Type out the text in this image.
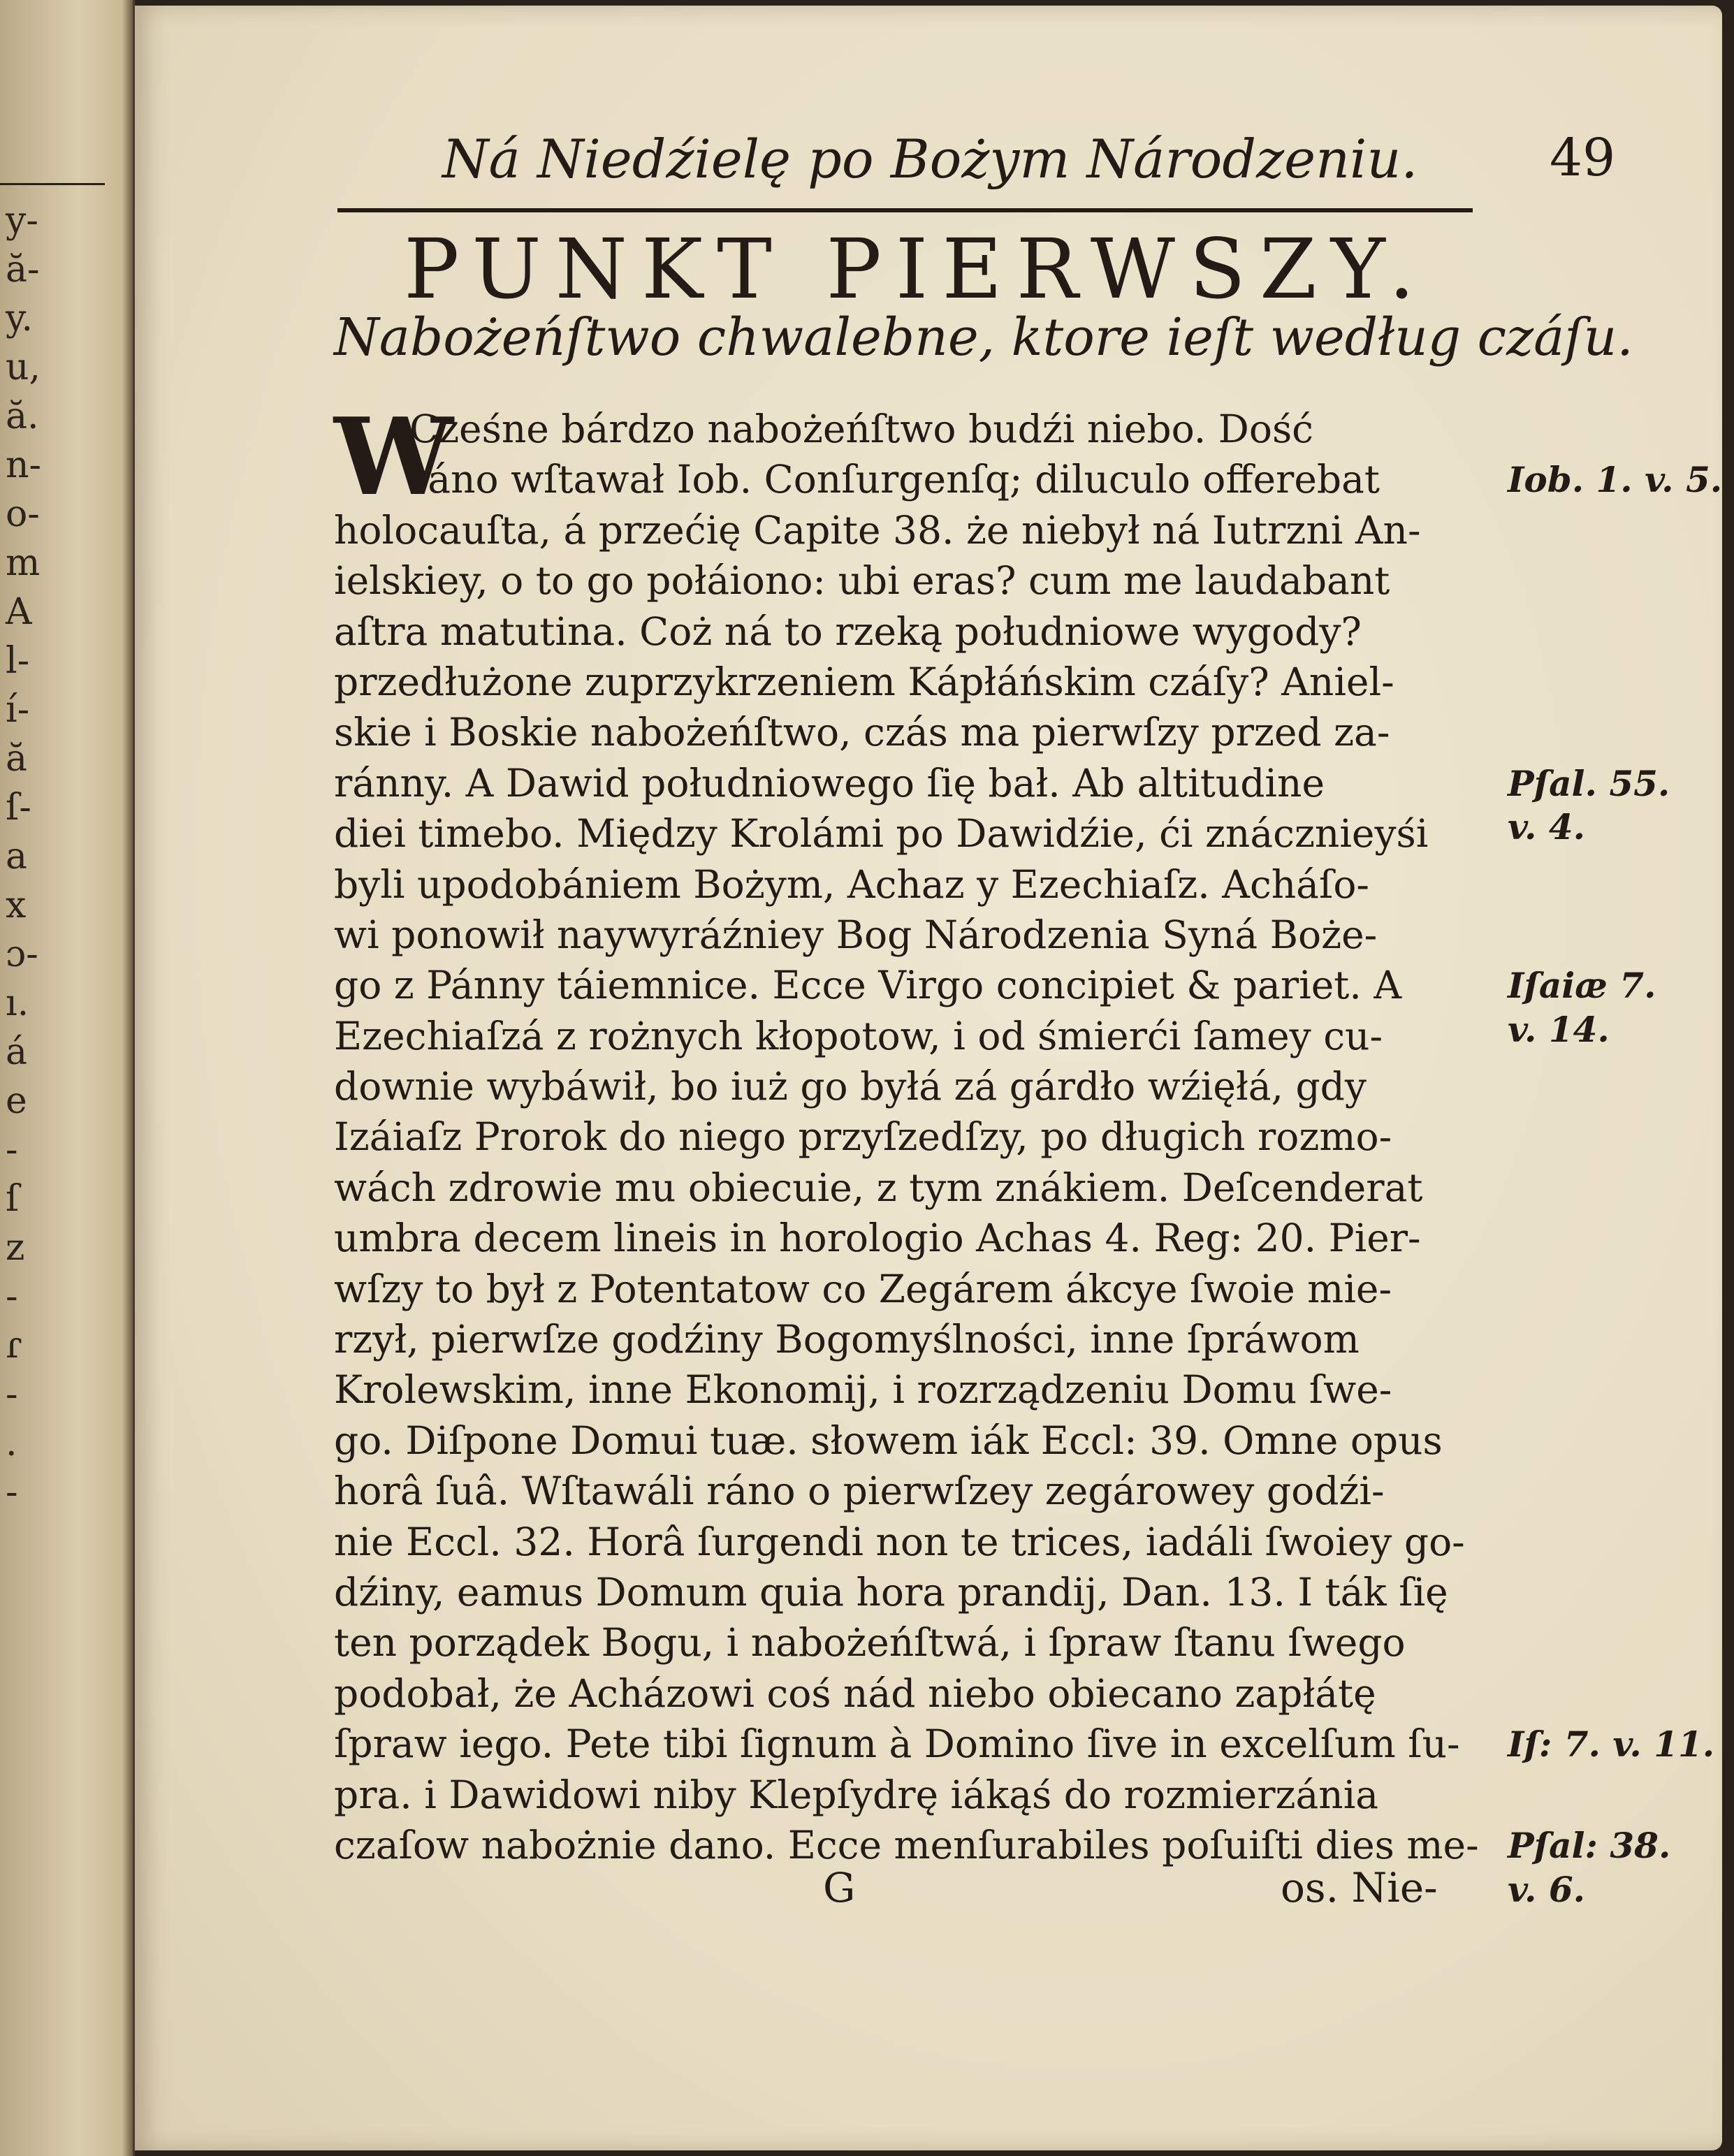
y-
ă-
y.
u,
ă.
n-
o-
m
A
l-
í-
ă
ſ-
a
x
ɔ-
ı.
á
e
-
ſ
z
-
ɾ
-
.
-
Ná Niedźielę po Bożym Národzeniu.	49
PUNKT PIERWSZY.
Nabożeńſtwo chwalebne, ktore ieſt według czáſu.
Cześne bárdzo nabożeńſtwo budźi niebo. Dość
ráno wſtawał Iob. Conſurgenſq; diluculo offerebat
holocauſta, á przećię Capite 38. że niebył ná Iutrzni An-
ielskiey, o to go połáiono: ubi eras? cum me laudabant
aſtra matutina. Coż ná to rzeką południowe wygody?
przedłużone zuprzykrzeniem Kápłáńskim czáſy? Aniel-
skie i Boskie nabożeńſtwo, czás ma pierwſzy przed za-
ránny. A Dawid południowego ſię bał. Ab altitudine
diei timebo. Między Krolámi po Dawidźie, ći znácznieyśi
byli upodobániem Bożym, Achaz y Ezechiaſz. Acháſo-
wi ponowił naywyráźniey Bog Národzenia Syná Boże-
go z Pánny táiemnice. Ecce Virgo concipiet & pariet. A
Ezechiaſzá z rożnych kłopotow, i od śmierći ſamey cu-
downie wybáwił, bo iuż go byłá zá gárdło wźięłá, gdy
Izáiaſz Prorok do niego przyſzedſzy, po długich rozmo-
wách zdrowie mu obiecuie, z tym znákiem. Deſcenderat
umbra decem lineis in horologio Achas 4. Reg: 20. Pier-
wſzy to był z Potentatow co Zegárem ákcye ſwoie mie-
rzył, pierwſze godźiny Bogomyślności, inne ſpráwom
Krolewskim, inne Ekonomij, i rozrządzeniu Domu ſwe-
go. Diſpone Domui tuæ. słowem iák Eccl: 39. Omne opus
horâ ſuâ. Wſtawáli ráno o pierwſzey zegárowey godźi-
nie Eccl. 32. Horâ ſurgendi non te trices, iadáli ſwoiey go-
dźiny, eamus Domum quia hora prandij, Dan. 13. I ták ſię
ten porządek Bogu, i nabożeńſtwá, i ſpraw ſtanu ſwego
podobał, że Acházowi coś nád niebo obiecano zapłátę
ſpraw iego. Pete tibi ſignum à Domino ſive in excelſum ſu-
pra. i Dawidowi niby Klepſydrę iákąś do rozmierzánia
czaſow nabożnie dano. Ecce menſurabiles poſuiſti dies me-
Iob. 1. v. 5.
Pſal. 55.
v. 4.
Iſaiæ 7.
v. 14.
Iſ: 7. v. 11.
Pſal: 38.
v. 6.
G	os. Nie-
W
